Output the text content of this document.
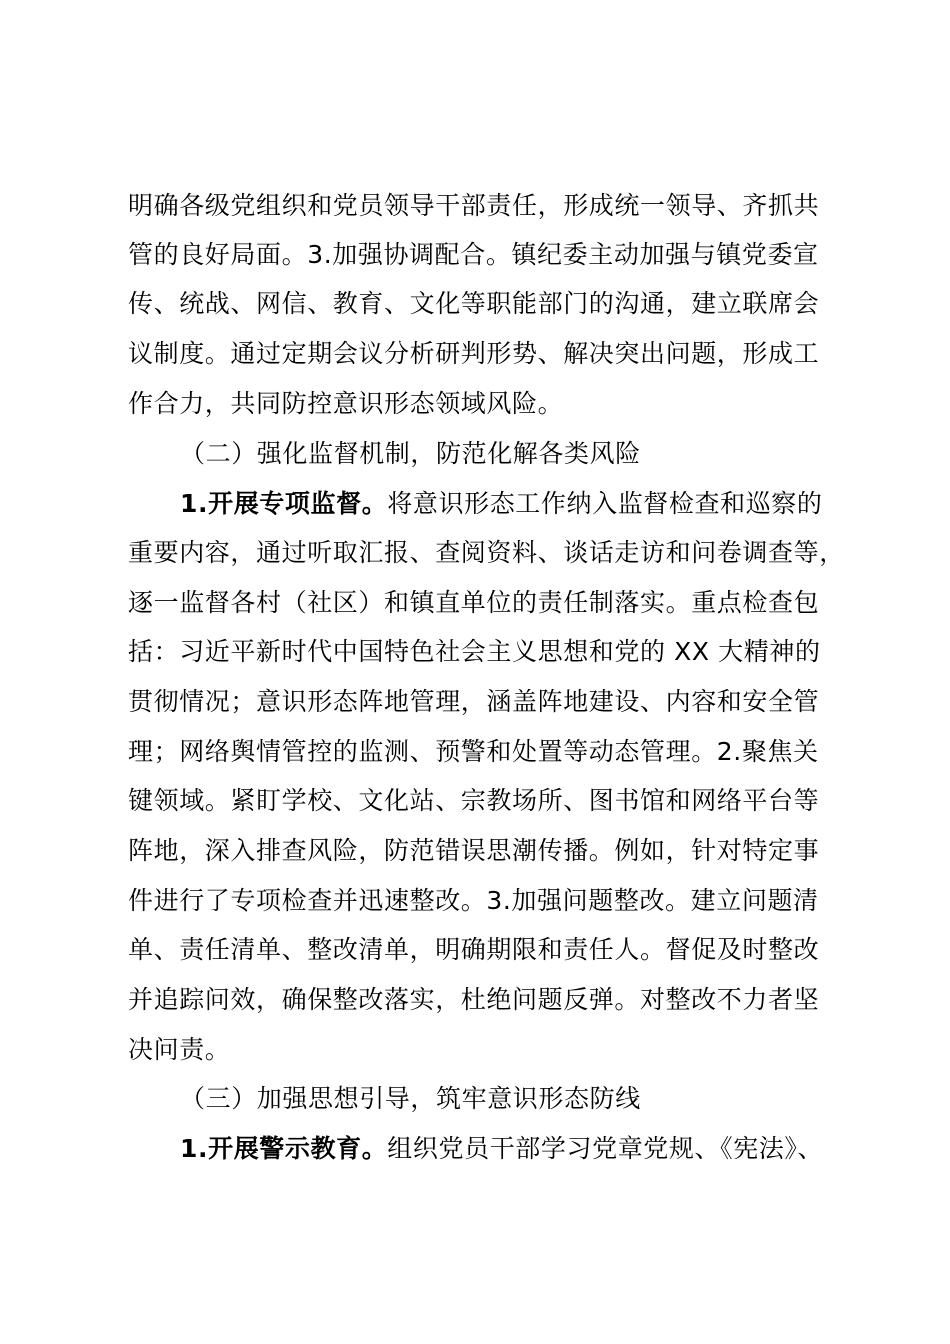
明确各级党组织和党员领导干部责任，形成统一领导、齐抓共
管的良好局面。3.加强协调配合。镇纪委主动加强与镇党委宣
传、统战、网信、教育、文化等职能部门的沟通，建立联席会
议制度。通过定期会议分析研判形势、解决突出问题，形成工
作合力，共同防控意识形态领域风险。
（二）强化监督机制，防范化解各类风险
1.开展专项监督。将意识形态工作纳入监督检查和巡察的
重要内容，通过听取汇报、查阅资料、谈话走访和问卷调查等，
逐一监督各村（社区）和镇直单位的责任制落实。重点检查包
括：习近平新时代中国特色社会主义思想和党的 XX 大精神的
贯彻情况；意识形态阵地管理，涵盖阵地建设、内容和安全管
理；网络舆情管控的监测、预警和处置等动态管理。2.聚焦关
键领域。紧盯学校、文化站、宗教场所、图书馆和网络平台等
阵地，深入排查风险，防范错误思潮传播。例如，针对特定事
件进行了专项检查并迅速整改。3.加强问题整改。建立问题清
单、责任清单、整改清单，明确期限和责任人。督促及时整改
并追踪问效，确保整改落实，杜绝问题反弹。对整改不力者坚
决问责。
（三）加强思想引导，筑牢意识形态防线
1.开展警示教育。组织党员干部学习党章党规、《宪法》、
